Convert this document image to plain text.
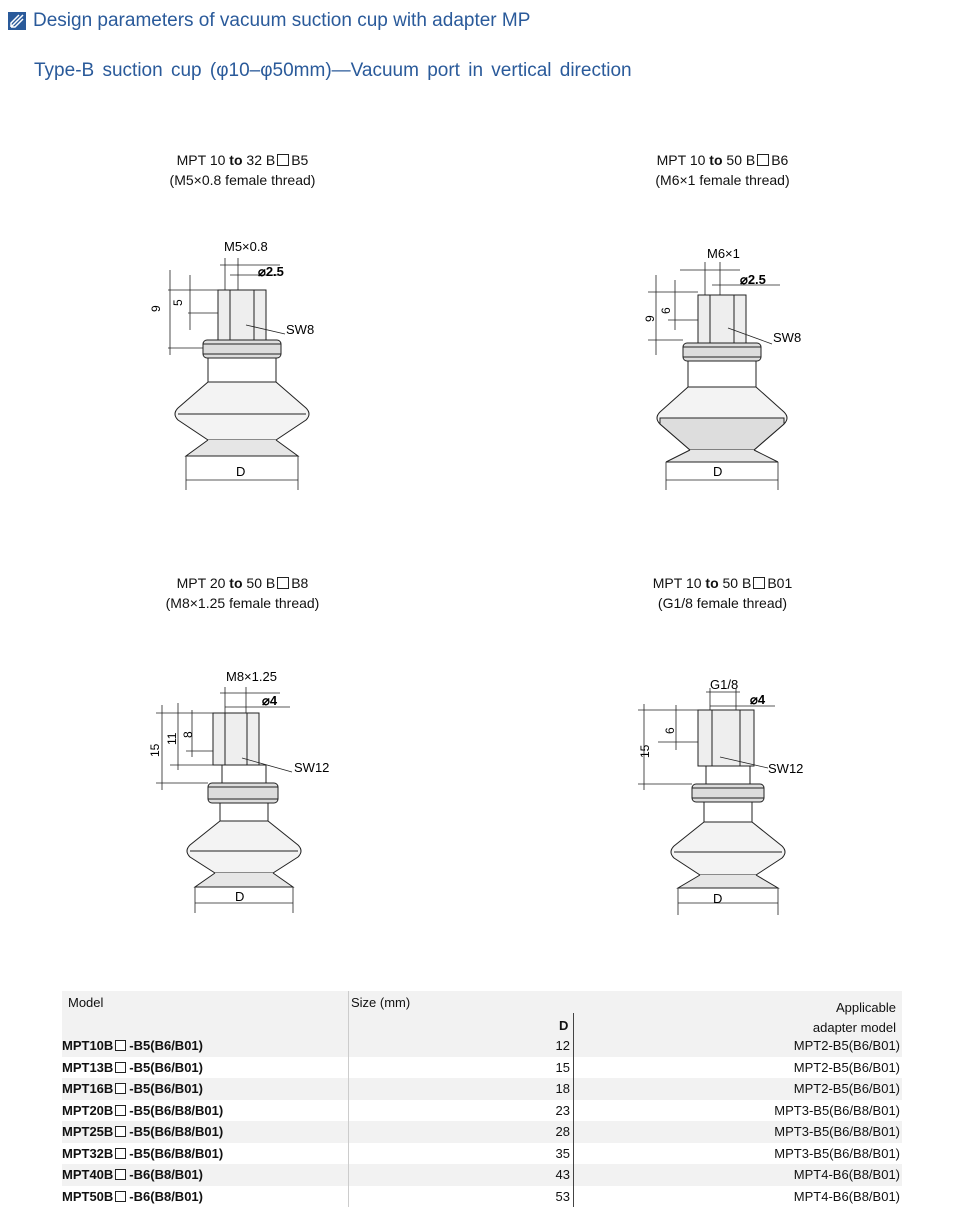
Design parameters of vacuum suction cup with adapter MP
Type-B suction cup (φ10–φ50mm)—Vacuum port in vertical direction
MPT 10 to 32 B B5
(M5×0.8 female thread)
MPT 10 to 50 B B6
(M6×1 female thread)
MPT 20 to 50 B B8
(M8×1.25 female thread)
MPT 10 to 50 B B01
(G1/8 female thread)
M5×0.8
⌀2.5
SW8
9
5
D
M6×1
⌀2.5
SW8
9
6
D
M8×1.25
⌀4
SW12
15
11 8
D
G1/8
⌀4
SW12
15
6
D
Model	Size (mm)
D
Applicable
adapter model
MPT10B -B5(B6/B01)	12	MPT2-B5(B6/B01)
MPT13B -B5(B6/B01)	15	MPT2-B5(B6/B01)
MPT16B -B5(B6/B01)	18	MPT2-B5(B6/B01)
MPT20B -B5(B6/B8/B01)	23	MPT3-B5(B6/B8/B01)
MPT25B -B5(B6/B8/B01)	28	MPT3-B5(B6/B8/B01)
MPT32B -B5(B6/B8/B01)	35	MPT3-B5(B6/B8/B01)
MPT40B -B6(B8/B01)	43	MPT4-B6(B8/B01)
MPT50B -B6(B8/B01)	53	MPT4-B6(B8/B01)
